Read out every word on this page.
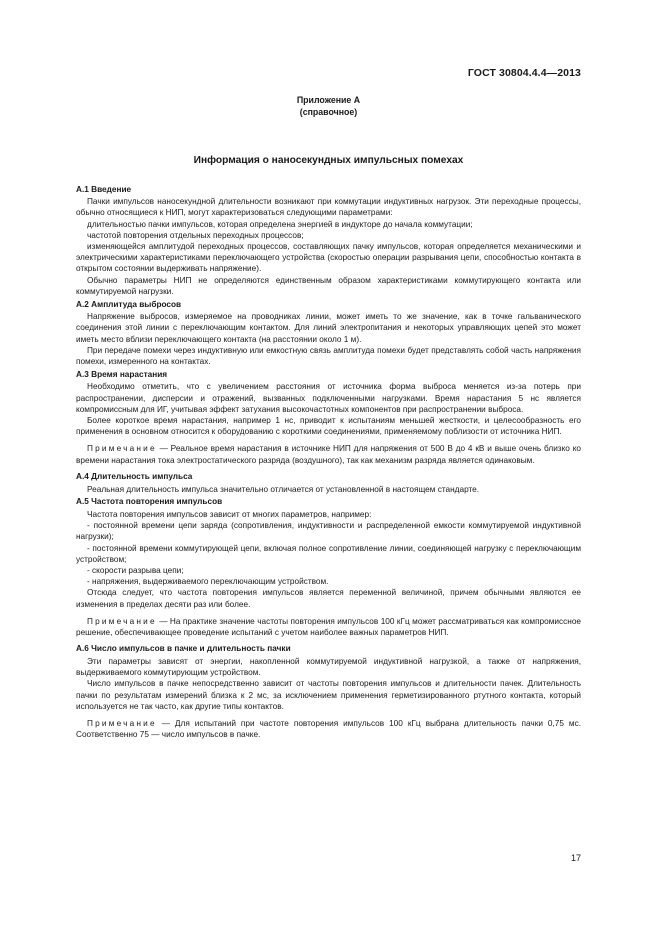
ГОСТ 30804.4.4—2013
Приложение А
(справочное)
Информация о наносекундных импульсных помехах
А.1 Введение

Пачки импульсов наносекундной длительности возникают при коммутации индуктивных нагрузок. Эти переходные процессы, обычно относящиеся к НИП, могут характеризоваться следующими параметрами:

длительностью пачки импульсов, которая определена энергией в индукторе до начала коммутации;

частотой повторения отдельных переходных процессов;

изменяющейся амплитудой переходных процессов, составляющих пачку импульсов, которая определяется механическими и электрическими характеристиками переключающего устройства (скоростью операции разрывания цепи, способностью контакта в открытом состоянии выдерживать напряжение).

Обычно параметры НИП не определяются единственным образом характеристиками коммутирующего контакта или коммутируемой нагрузки.

А.2 Амплитуда выбросов

Напряжение выбросов, измеряемое на проводниках линии, может иметь то же значение, как в точке гальванического соединения этой линии с переключающим контактом. Для линий электропитания и некоторых управляющих цепей это может иметь место вблизи переключающего контакта (на расстоянии около 1 м).

При передаче помехи через индуктивную или емкостную связь амплитуда помехи будет представлять собой часть напряжения помехи, измеренного на контактах.

А.3 Время нарастания

Необходимо отметить, что с увеличением расстояния от источника форма выброса меняется из-за потерь при распространении, дисперсии и отражений, вызванных подключенными нагрузками. Время нарастания 5 нс является компромиссным для ИГ, учитывая эффект затухания высокочастотных компонентов при распространении выброса.

Более короткое время нарастания, например 1 нс, приводит к испытаниям меньшей жесткости, и целесообразность его применения в основном относится к оборудованию с короткими соединениями, применяемому поблизости от источника НИП.

Примечание — Реальное время нарастания в источнике НИП для напряжения от 500 В до 4 кВ и выше очень близко ко времени нарастания тока электростатического разряда (воздушного), так как механизм разряда является одинаковым.

А.4 Длительность импульса

Реальная длительность импульса значительно отличается от установленной в настоящем стандарте.

А.5 Частота повторения импульсов

Частота повторения импульсов зависит от многих параметров, например:

- постоянной времени цепи заряда (сопротивления, индуктивности и распределенной емкости коммутируемой индуктивной нагрузки);

- постоянной времени коммутирующей цепи, включая полное сопротивление линии, соединяющей нагрузку с переключающим устройством;

- скорости разрыва цепи;

- напряжения, выдерживаемого переключающим устройством.

Отсюда следует, что частота повторения импульсов является переменной величиной, причем обычными являются ее изменения в пределах десяти раз или более.

Примечание — На практике значение частоты повторения импульсов 100 кГц может рассматриваться как компромиссное решение, обеспечивающее проведение испытаний с учетом наиболее важных параметров НИП.

А.6 Число импульсов в пачке и длительность пачки

Эти параметры зависят от энергии, накопленной коммутируемой индуктивной нагрузкой, а также от напряжения, выдерживаемого коммутирующим устройством.

Число импульсов в пачке непосредственно зависит от частоты повторения импульсов и длительности пачек. Длительность пачки по результатам измерений близка к 2 мс, за исключением применения герметизированного ртутного контакта, который используется не так часто, как другие типы контактов.

Примечание — Для испытаний при частоте повторения импульсов 100 кГц выбрана длительность пачки 0,75 мс. Соответственно 75 — число импульсов в пачке.

17
